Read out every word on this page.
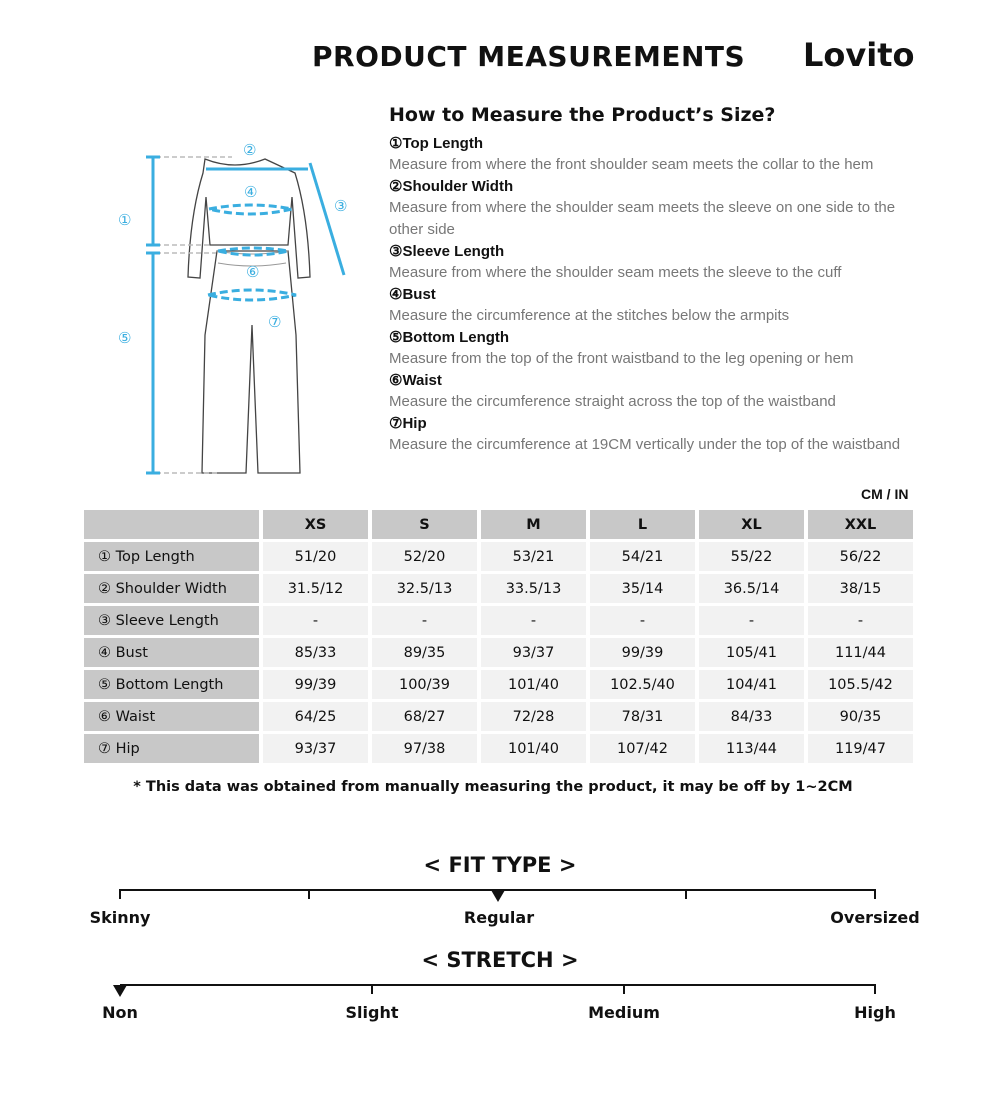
PRODUCT MEASUREMENTS Lovito
①
②
③
④
⑤
⑥
⑦
How to Measure the Product’s Size?
①Top Length
Measure from where the front shoulder seam meets the collar to the hem
②Shoulder Width
Measure from where the shoulder seam meets the sleeve on one side to the other side
③Sleeve Length
Measure from where the shoulder seam meets the sleeve to the cuff
④Bust
Measure the circumference at the stitches below the armpits
⑤Bottom Length
Measure from the top of the front waistband to the leg opening or hem
⑥Waist
Measure the circumference straight across the top of the waistband
⑦Hip
Measure the circumference at 19CM vertically under the top of the waistband
CM / IN
	XS	S	M	L	XL	XXL
① Top Length	51/20	52/20	53/21	54/21	55/22	56/22
② Shoulder Width	31.5/12	32.5/13	33.5/13	35/14	36.5/14	38/15
③ Sleeve Length	-	-	-	-	-	-
④ Bust	85/33	89/35	93/37	99/39	105/41	111/44
⑤ Bottom Length	99/39	100/39	101/40	102.5/40	104/41	105.5/42
⑥ Waist	64/25	68/27	72/28	78/31	84/33	90/35
⑦ Hip	93/37	97/38	101/40	107/42	113/44	119/47
* This data was obtained from manually measuring the product, it may be off by 1~2CM
< FIT TYPE >
Skinny	Regular	Oversized
< STRETCH >
Non	Slight	Medium	High
